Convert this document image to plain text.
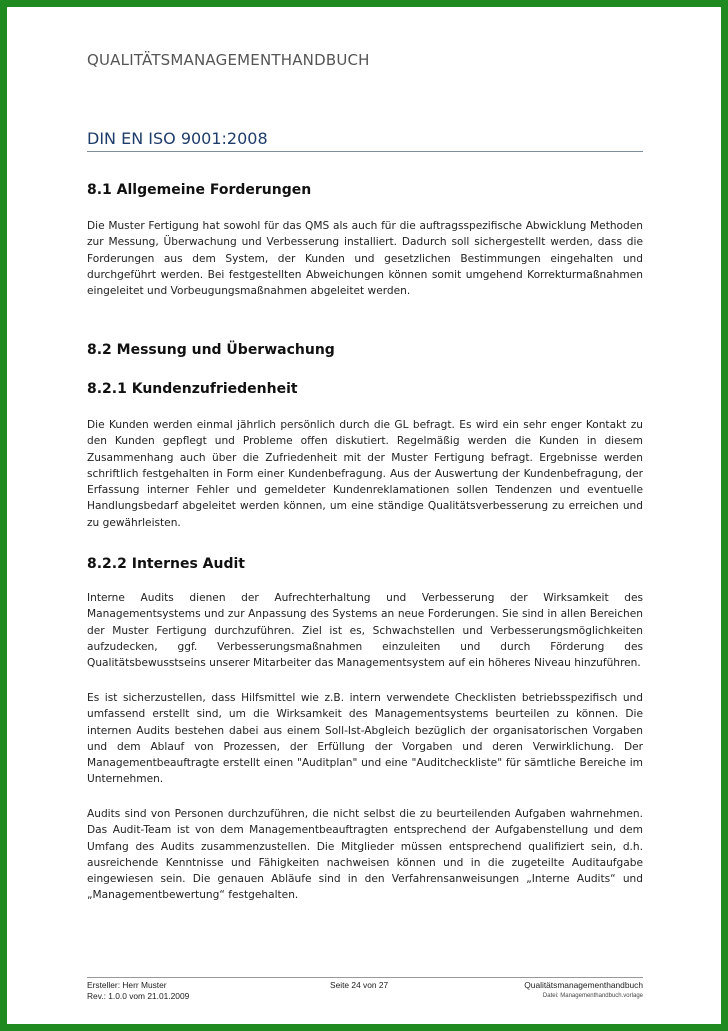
QUALITÄTSMANAGEMENTHANDBUCH
DIN EN ISO 9001:2008
8.1 Allgemeine Forderungen
Die Muster Fertigung hat sowohl für das QMS als auch für die auftragsspezifische Abwicklung Methoden zur Messung, Überwachung und Verbesserung installiert. Dadurch soll sichergestellt werden, dass die Forderungen aus dem System, der Kunden und gesetzlichen Bestimmungen eingehalten und durchgeführt werden. Bei festgestellten Abweichungen können somit umgehend Korrekturmaßnahmen eingeleitet und Vorbeugungsmaßnahmen abgeleitet werden.
8.2 Messung und Überwachung
8.2.1 Kundenzufriedenheit
Die Kunden werden einmal jährlich persönlich durch die GL befragt. Es wird ein sehr enger Kontakt zu den Kunden gepflegt und Probleme offen diskutiert. Regelmäßig werden die Kunden in diesem Zusammenhang auch über die Zufriedenheit mit der Muster Fertigung befragt. Ergebnisse werden schriftlich festgehalten in Form einer Kundenbefragung. Aus der Auswertung der Kundenbefragung, der Erfassung interner Fehler und gemeldeter Kundenreklamationen sollen Tendenzen und eventuelle Handlungsbedarf abgeleitet werden können, um eine ständige Qualitätsverbesserung zu erreichen und zu gewährleisten.
8.2.2 Internes Audit
Interne Audits dienen der Aufrechterhaltung und Verbesserung der Wirksamkeit des Managementsystems und zur Anpassung des Systems an neue Forderungen. Sie sind in allen Bereichen der Muster Fertigung durchzuführen. Ziel ist es, Schwachstellen und Verbesserungsmöglichkeiten aufzudecken, ggf. Verbesserungsmaßnahmen einzuleiten und durch Förderung des Qualitätsbewusstseins unserer Mitarbeiter das Managementsystem auf ein höheres Niveau hinzuführen.
Es ist sicherzustellen, dass Hilfsmittel wie z.B. intern verwendete Checklisten betriebsspezifisch und umfassend erstellt sind, um die Wirksamkeit des Managementsystems beurteilen zu können. Die internen Audits bestehen dabei aus einem Soll-Ist-Abgleich bezüglich der organisatorischen Vorgaben und dem Ablauf von Prozessen, der Erfüllung der Vorgaben und deren Verwirklichung. Der Managementbeauftragte erstellt einen "Auditplan" und eine "Auditcheckliste" für sämtliche Bereiche im Unternehmen.
Audits sind von Personen durchzuführen, die nicht selbst die zu beurteilenden Aufgaben wahrnehmen. Das Audit-Team ist von dem Managementbeauftragten entsprechend der Aufgabenstellung und dem Umfang des Audits zusammenzustellen. Die Mitglieder müssen entsprechend qualifiziert sein, d.h. ausreichende Kenntnisse und Fähigkeiten nachweisen können und in die zugeteilte Auditaufgabe eingewiesen sein. Die genauen Abläufe sind in den Verfahrensanweisungen „Interne Audits“ und „Managementbewertung“ festgehalten.
Ersteller: Herr Muster
Rev.: 1.0.0 vom 21.01.2009
Seite 24 von 27	Qualitätsmanagementhandbuch
Datei: Managementhandbuch.vorlage
